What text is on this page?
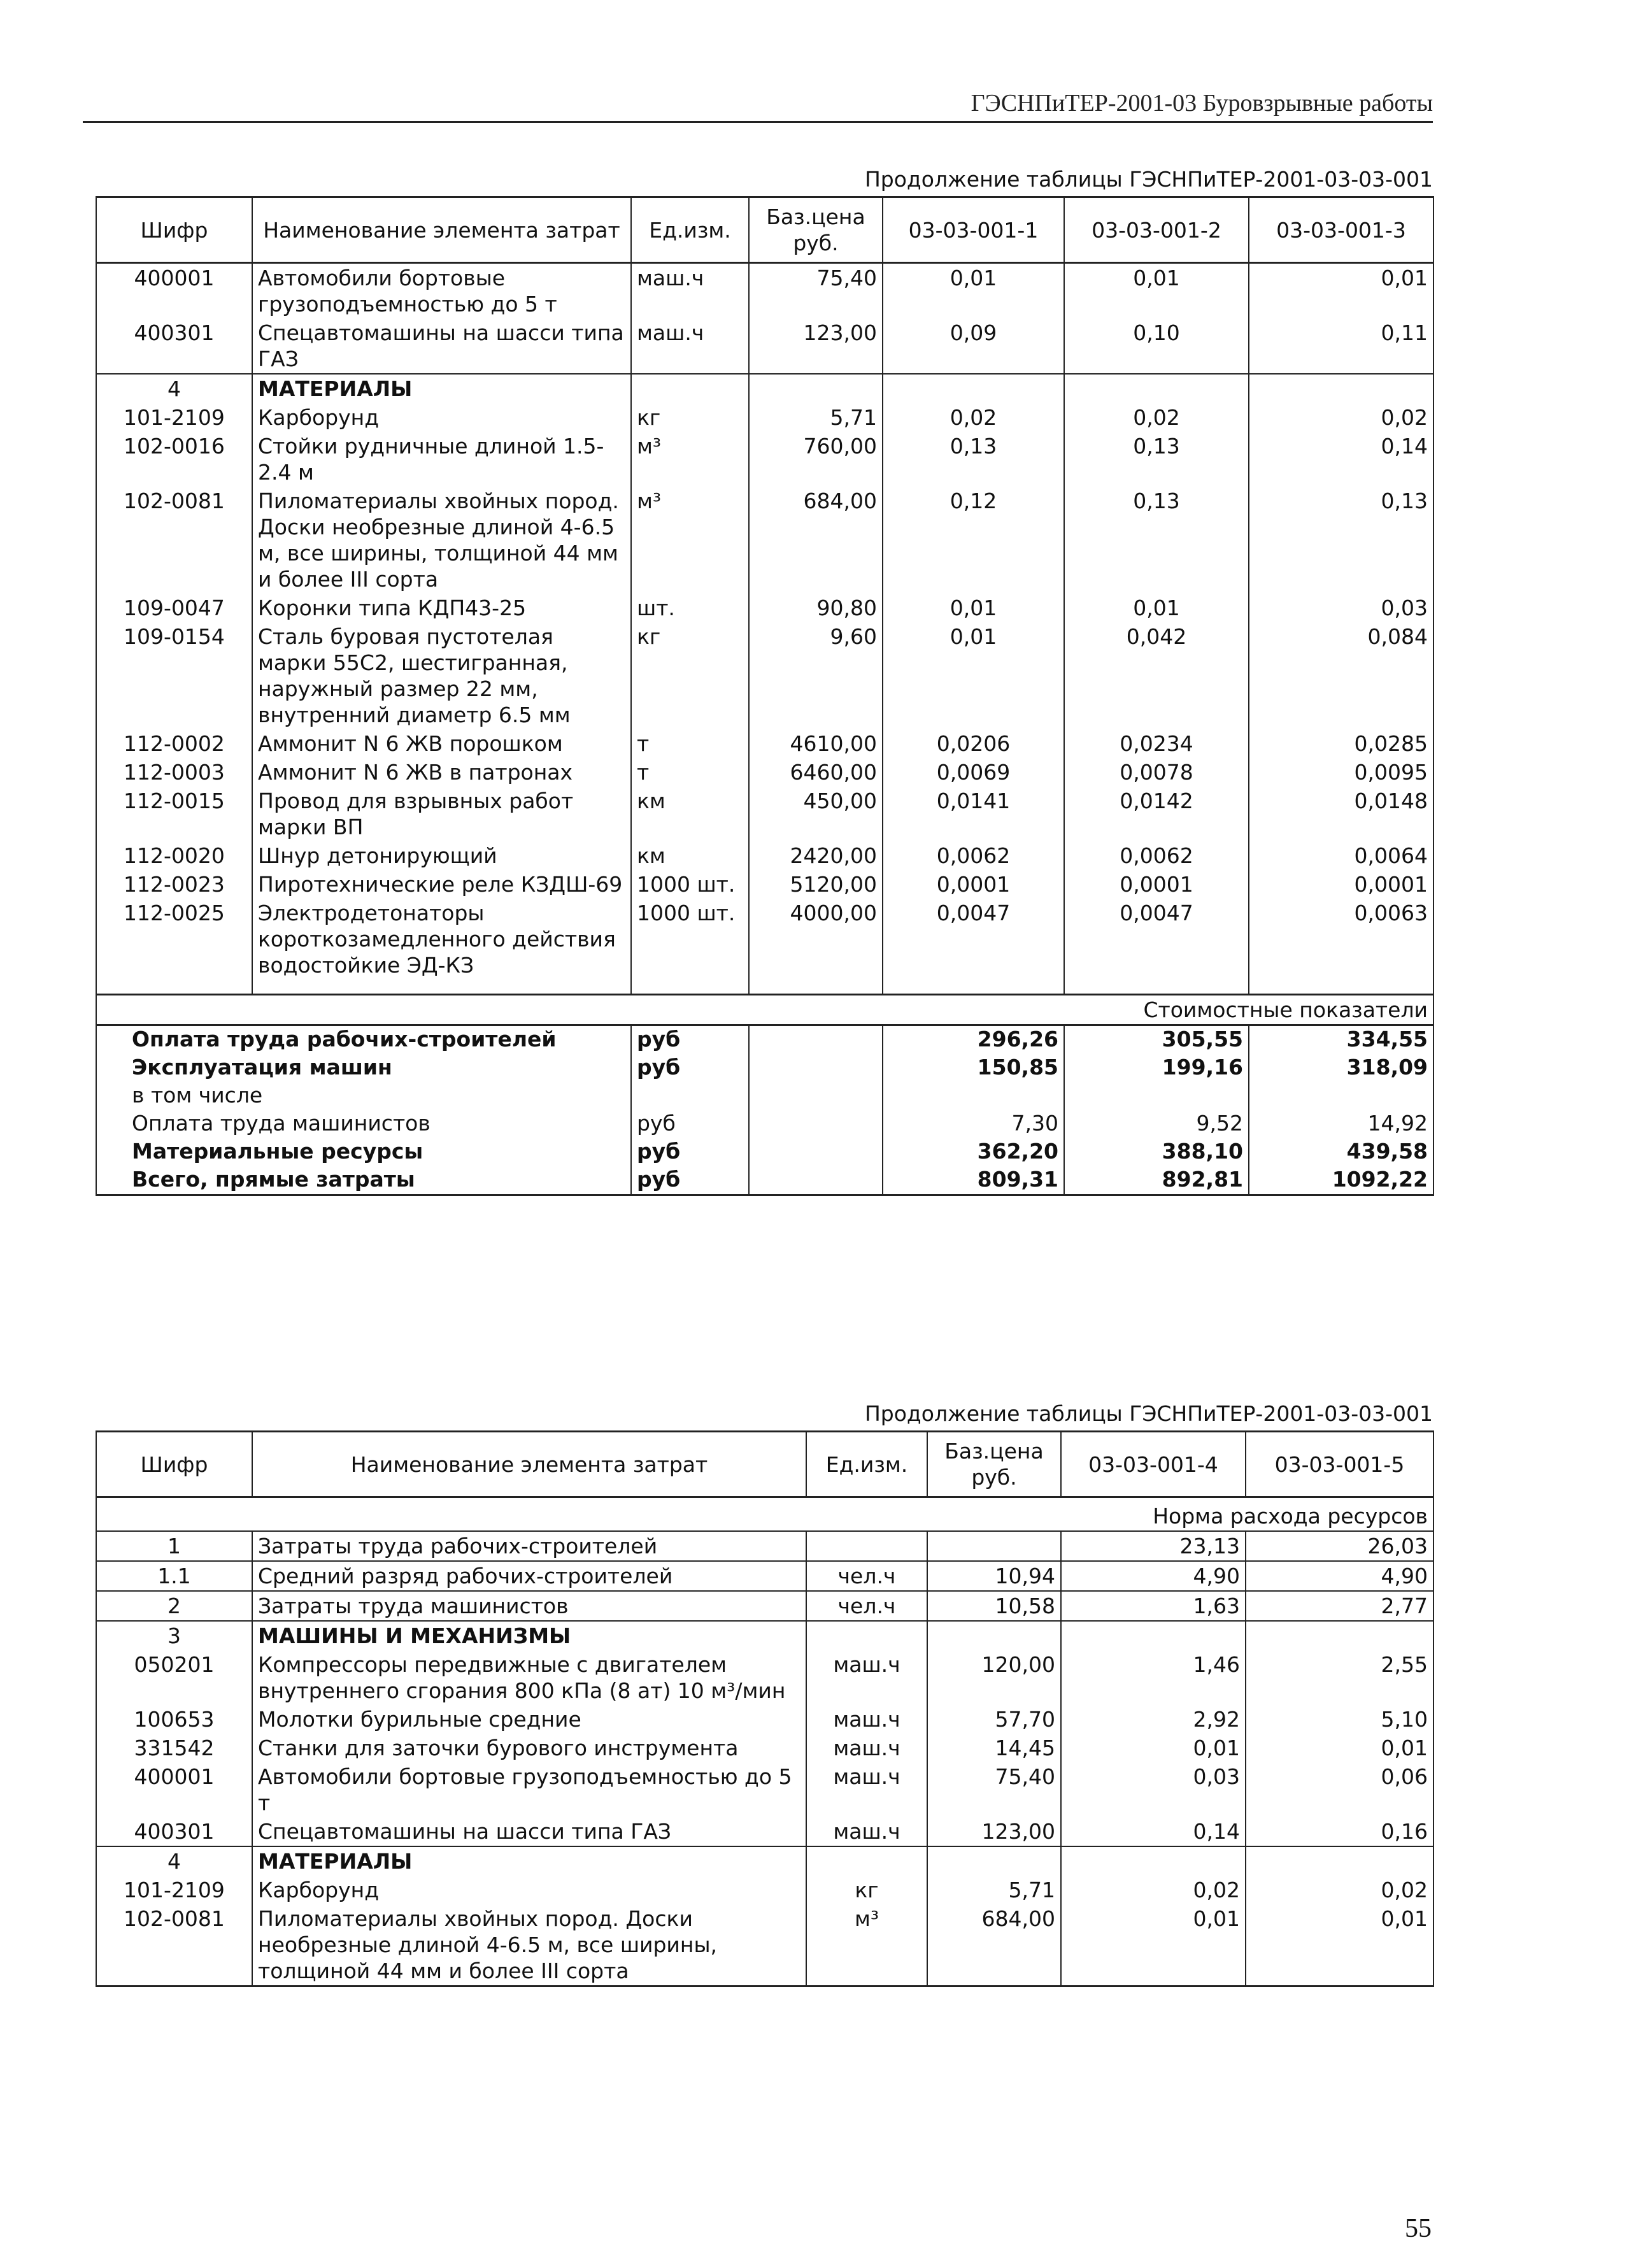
ГЭСНПиТЕР-2001-03 Буровзрывные работы
Продолжение таблицы ГЭСНПиТЕР-2001-03-03-001
Шифр	Наименование элемента затрат	Ед.изм.	Баз.цена руб.	03-03-001-1	03-03-001-2	03-03-001-3
400001	Автомобили бортовые грузоподъемностью до 5 т	маш.ч	75,40	0,01	0,01	0,01
400301	Спецавтомашины на шасси типа ГАЗ	маш.ч	123,00	0,09	0,10	0,11
4	МАТЕРИАЛЫ					
101-2109	Карборунд	кг	5,71	0,02	0,02	0,02
102-0016	Стойки рудничные длиной 1.5-2.4 м	м³	760,00	0,13	0,13	0,14
102-0081	Пиломатериалы хвойных пород. Доски необрезные длиной 4-6.5 м, все ширины, толщиной 44 мм и более III сорта	м³	684,00	0,12	0,13	0,13
109-0047	Коронки типа КДП43-25	шт.	90,80	0,01	0,01	0,03
109-0154	Сталь буровая пустотелая марки 55С2, шестигранная, наружный размер 22 мм, внутренний диаметр 6.5 мм	кг	9,60	0,01	0,042	0,084
112-0002	Аммонит N 6 ЖВ порошком	т	4610,00	0,0206	0,0234	0,0285
112-0003	Аммонит N 6 ЖВ в патронах	т	6460,00	0,0069	0,0078	0,0095
112-0015	Провод для взрывных работ марки ВП	км	450,00	0,0141	0,0142	0,0148
112-0020	Шнур детонирующий	км	2420,00	0,0062	0,0062	0,0064
112-0023	Пиротехнические реле КЗДШ-69	1000 шт.	5120,00	0,0001	0,0001	0,0001
112-0025	Электродетонаторы короткозамедленного действия водостойкие ЭД-КЗ	1000 шт.	4000,00	0,0047	0,0047	0,0063

Стоимостные показатели						
Оплата труда рабочих-строителей		руб		296,26	305,55	334,55
Эксплуатация машин		руб		150,85	199,16	318,09
в том числе						
Оплата труда машинистов		руб		7,30	9,52	14,92
Материальные ресурсы		руб		362,20	388,10	439,58
Всего, прямые затраты		руб		809,31	892,81	1092,22
Продолжение таблицы ГЭСНПиТЕР-2001-03-03-001
Шифр	Наименование элемента затрат	Ед.изм.	Баз.цена руб.	03-03-001-4	03-03-001-5
Норма расхода ресурсов					
1	Затраты труда рабочих-строителей			23,13	26,03
1.1	Средний разряд рабочих-строителей	чел.ч	10,94	4,90	4,90
2	Затраты труда машинистов	чел.ч	10,58	1,63	2,77
3	МАШИНЫ И МЕХАНИЗМЫ				
050201	Компрессоры передвижные с двигателем внутреннего сгорания 800 кПа (8 ат) 10 м³/мин	маш.ч	120,00	1,46	2,55
100653	Молотки бурильные средние	маш.ч	57,70	2,92	5,10
331542	Станки для заточки бурового инструмента	маш.ч	14,45	0,01	0,01
400001	Автомобили бортовые грузоподъемностью до 5 т	маш.ч	75,40	0,03	0,06
400301	Спецавтомашины на шасси типа ГАЗ	маш.ч	123,00	0,14	0,16
4	МАТЕРИАЛЫ				
101-2109	Карборунд	кг	5,71	0,02	0,02
102-0081	Пиломатериалы хвойных пород. Доски необрезные длиной 4-6.5 м, все ширины, толщиной 44 мм и более III сорта	м³	684,00	0,01	0,01
55
